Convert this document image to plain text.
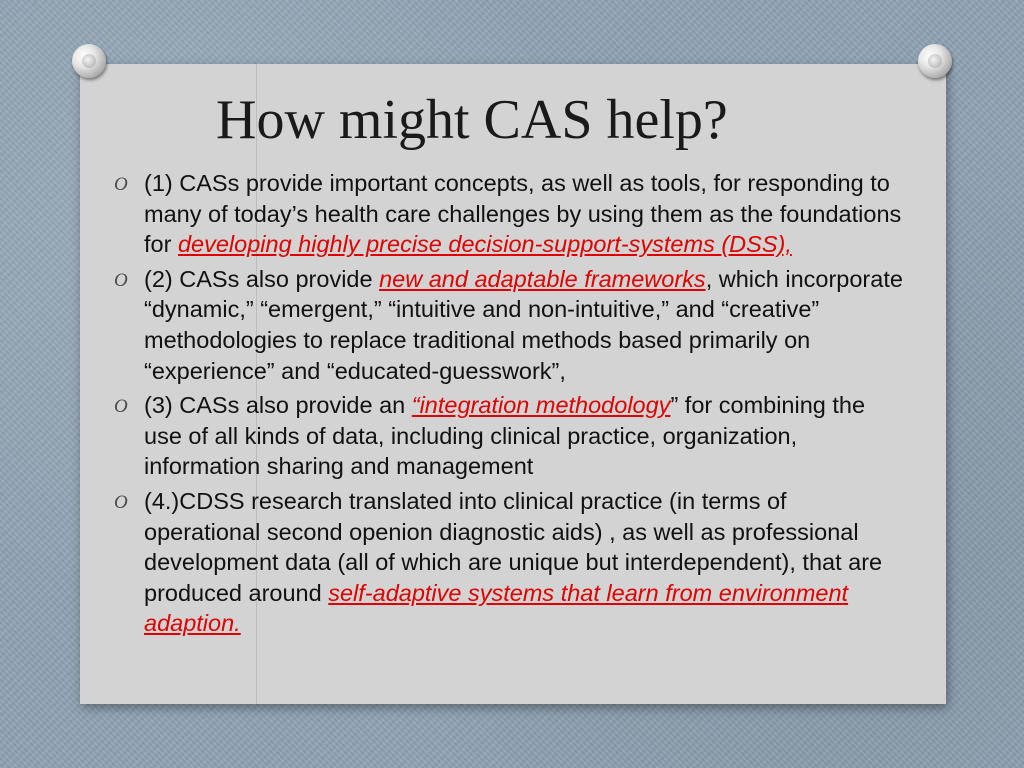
How might CAS help?
O (1) CASs provide important concepts, as well as tools, for responding to many of today’s health care challenges by using them as the foundations for developing highly precise decision-support-systems (DSS),
O (2) CASs also provide new and adaptable frameworks, which incorporate “dynamic,” “emergent,” “intuitive and non-intuitive,” and “creative” methodologies to replace traditional methods based primarily on “experience” and “educated-guesswork”,
O (3) CASs also provide an “integration methodology” for combining the use of all kinds of data, including clinical practice, organization, information sharing and management
O (4.)CDSS research translated into clinical practice (in terms of operational second openion diagnostic aids) , as well as professional development data (all of which are unique but interdependent), that are produced around self-adaptive systems that learn from environment adaption.
